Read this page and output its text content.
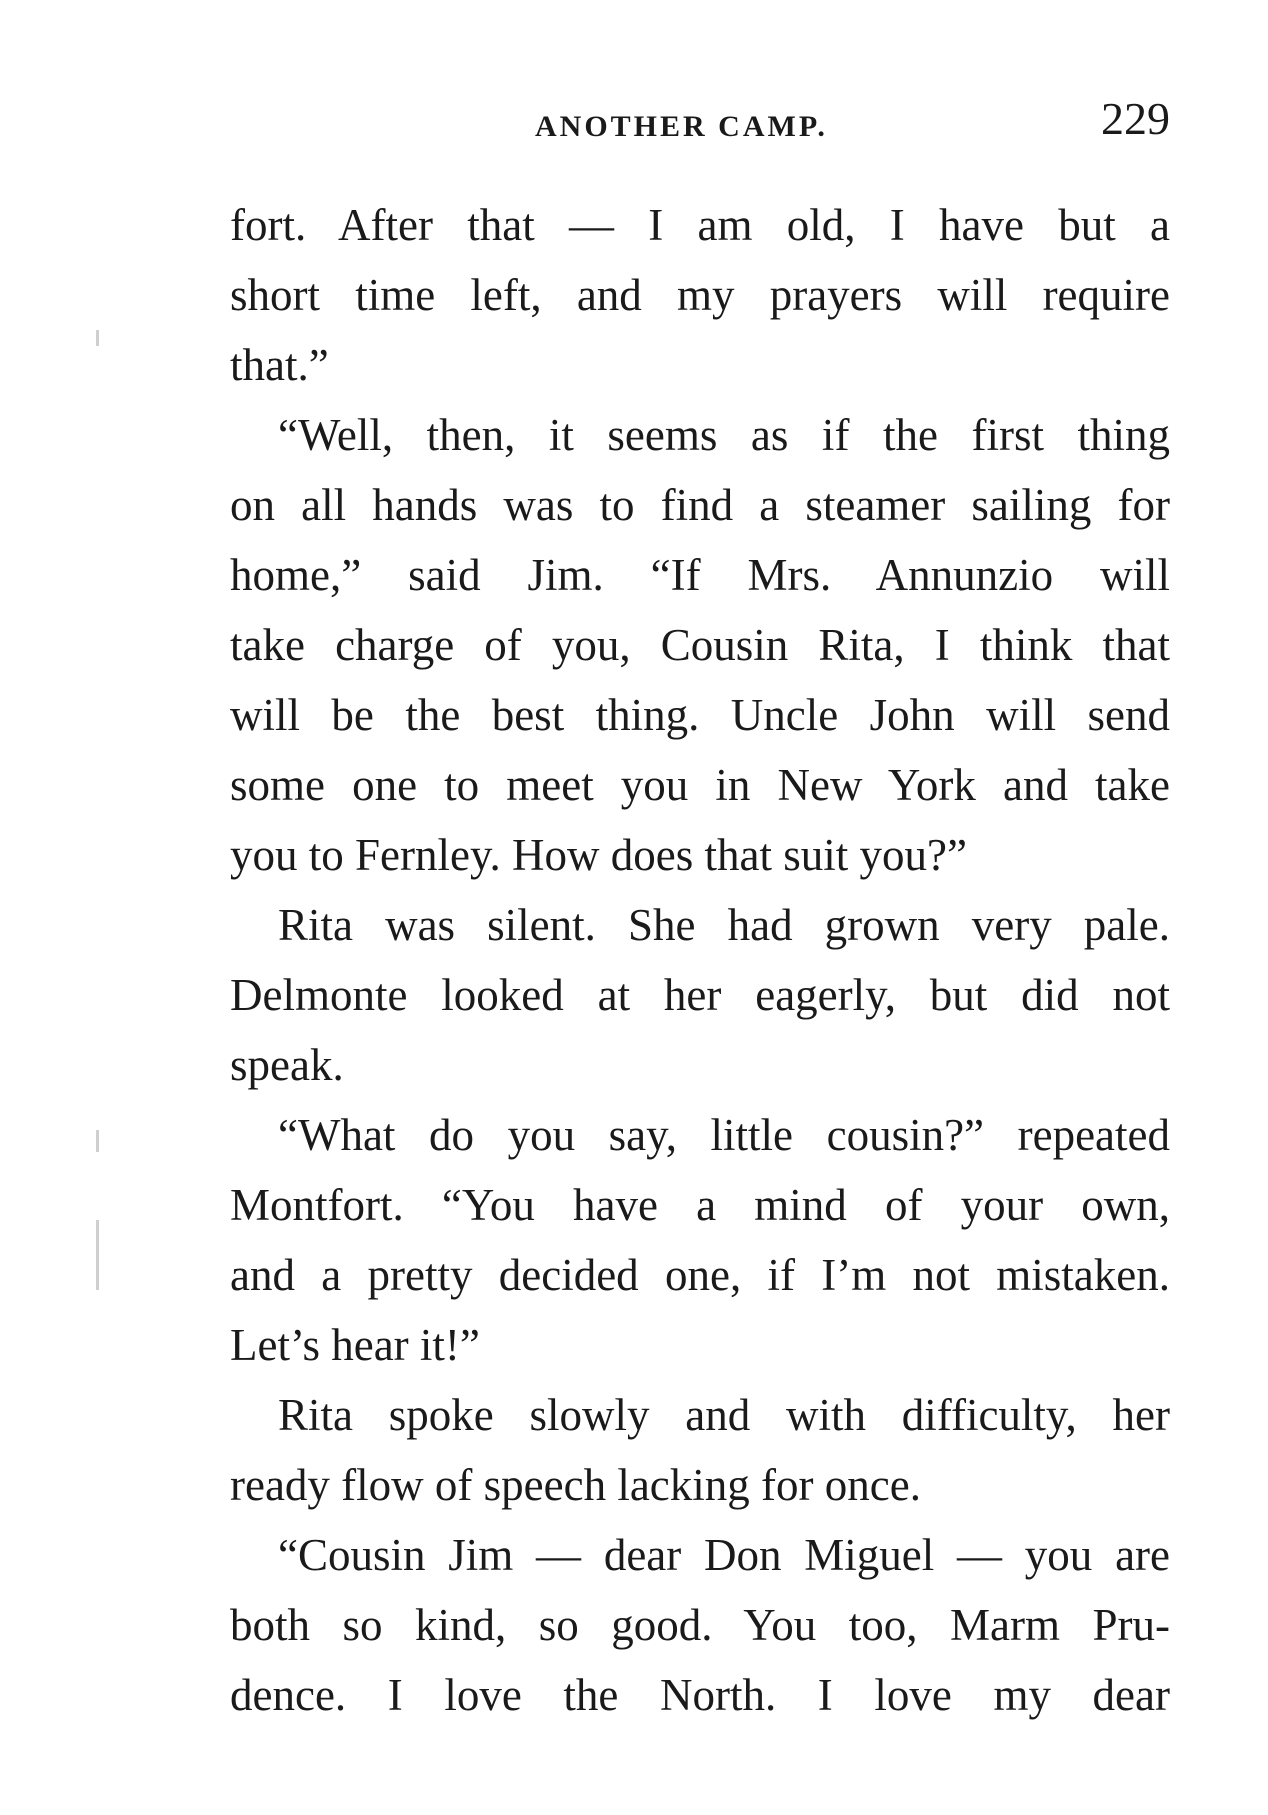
ANOTHER CAMP.	229
fort. After that — I am old, I have but a
short time left, and my prayers will require
that.”
“Well, then, it seems as if the first thing
on all hands was to find a steamer sailing for
home,” said Jim. “If Mrs. Annunzio will
take charge of you, Cousin Rita, I think that
will be the best thing. Uncle John will send
some one to meet you in New York and take
you to Fernley. How does that suit you?”
Rita was silent. She had grown very pale.
Delmonte looked at her eagerly, but did not
speak.
“What do you say, little cousin?” repeated
Montfort. “You have a mind of your own,
and a pretty decided one, if I’m not mistaken.
Let’s hear it!”
Rita spoke slowly and with difficulty, her
ready flow of speech lacking for once.
“Cousin Jim — dear Don Miguel — you are
both so kind, so good. You too, Marm Pru-
dence. I love the North. I love my dear
